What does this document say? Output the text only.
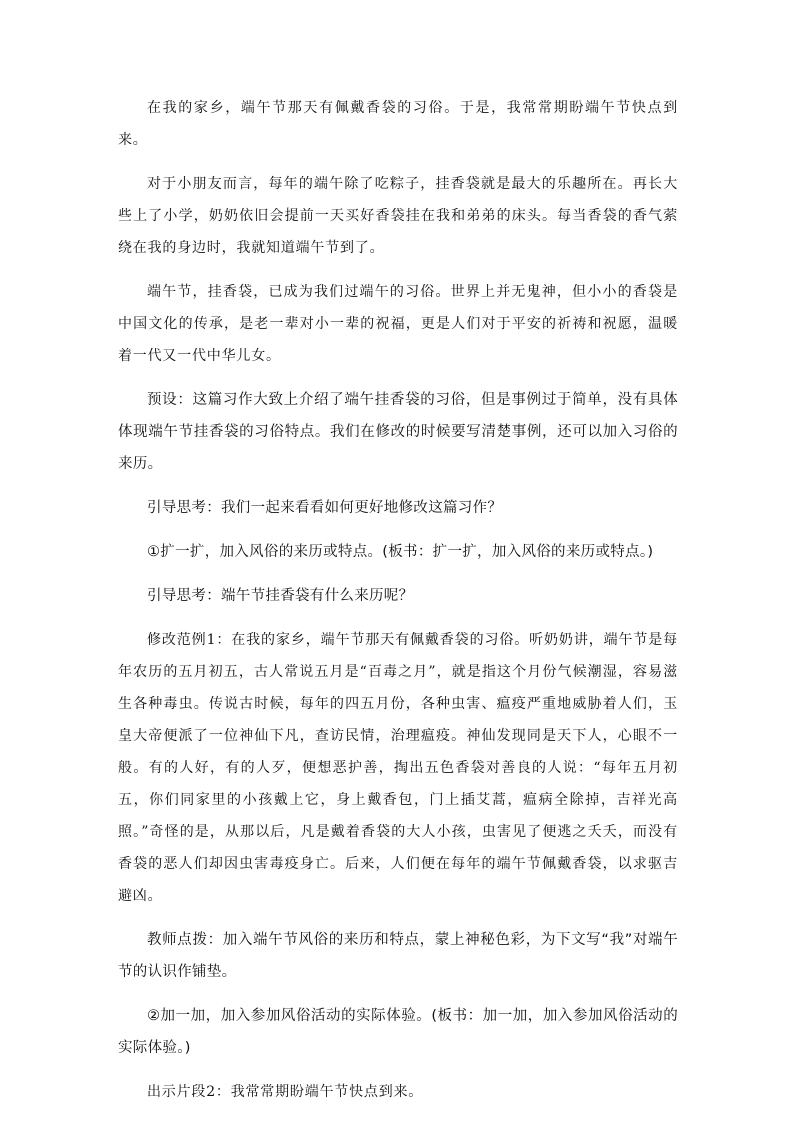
在我的家乡，端午节那天有佩戴香袋的习俗。于是，我常常期盼端午节快点到来。

对于小朋友而言，每年的端午除了吃粽子，挂香袋就是最大的乐趣所在。再长大些上了小学，奶奶依旧会提前一天买好香袋挂在我和弟弟的床头。每当香袋的香气萦绕在我的身边时，我就知道端午节到了。

端午节，挂香袋，已成为我们过端午的习俗。世界上并无鬼神，但小小的香袋是中国文化的传承，是老一辈对小一辈的祝福，更是人们对于平安的祈祷和祝愿，温暖着一代又一代中华儿女。

预设：这篇习作大致上介绍了端午挂香袋的习俗，但是事例过于简单，没有具体体现端午节挂香袋的习俗特点。我们在修改的时候要写清楚事例，还可以加入习俗的来历。

引导思考：我们一起来看看如何更好地修改这篇习作？

①扩一扩，加入风俗的来历或特点。(板书：扩一扩，加入风俗的来历或特点。)

引导思考：端午节挂香袋有什么来历呢？

修改范例1：在我的家乡，端午节那天有佩戴香袋的习俗。听奶奶讲，端午节是每年农历的五月初五，古人常说五月是“百毒之月”，就是指这个月份气候潮湿，容易滋生各种毒虫。传说古时候，每年的四五月份，各种虫害、瘟疫严重地威胁着人们，玉皇大帝便派了一位神仙下凡，查访民情，治理瘟疫。神仙发现同是天下人，心眼不一般。有的人好，有的人歹，便想恶护善，掏出五色香袋对善良的人说：“每年五月初五，你们同家里的小孩戴上它，身上戴香包，门上插艾蒿，瘟病全除掉，吉祥光高照。”奇怪的是，从那以后，凡是戴着香袋的大人小孩，虫害见了便逃之夭夭，而没有香袋的恶人们却因虫害毒疫身亡。后来，人们便在每年的端午节佩戴香袋，以求驱吉避凶。

教师点拨：加入端午节风俗的来历和特点，蒙上神秘色彩，为下文写“我”对端午节的认识作铺垫。

②加一加，加入参加风俗活动的实际体验。(板书：加一加，加入参加风俗活动的实际体验。)

出示片段2：我常常期盼端午节快点到来。
